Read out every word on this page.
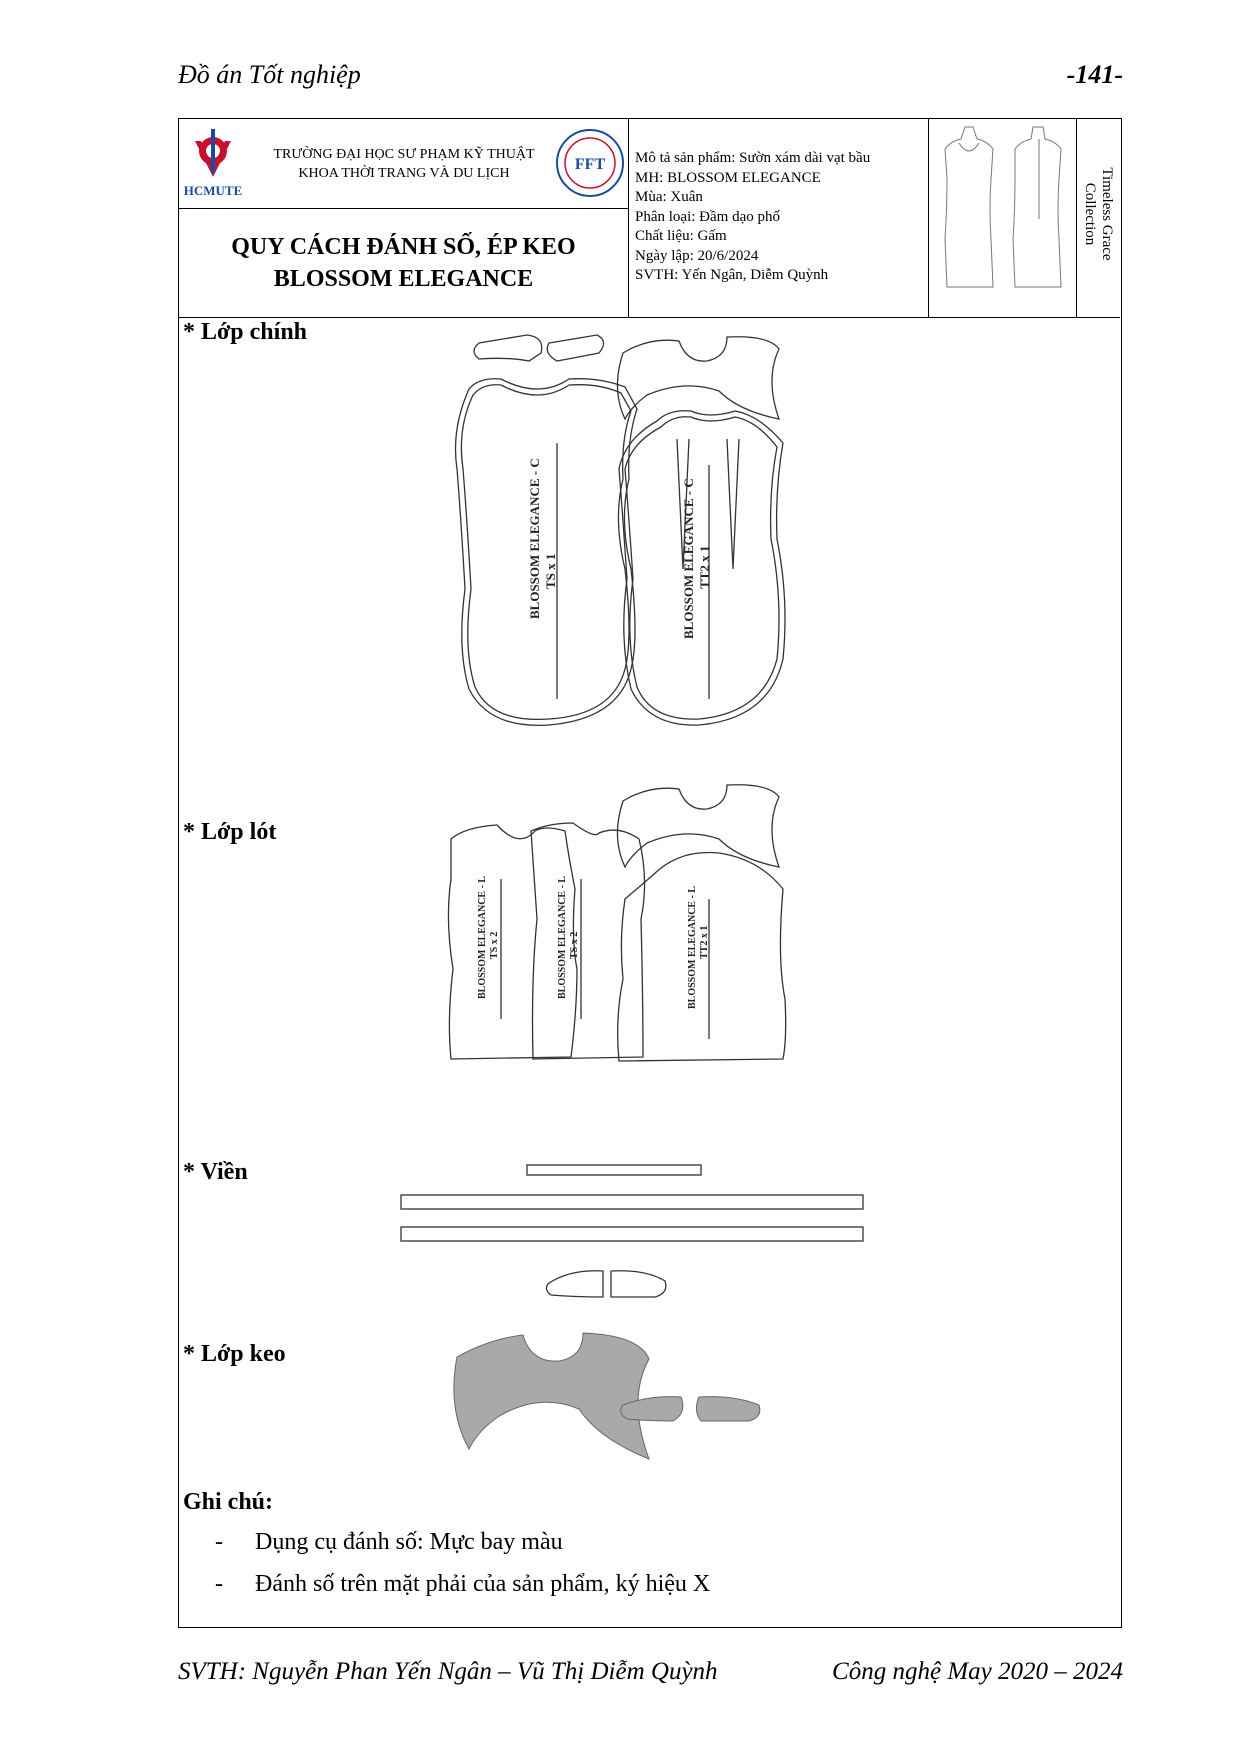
Đồ án Tốt nghiệp	-141-
HCMUTE
TRƯỜNG ĐẠI HỌC SƯ PHẠM KỸ THUẬT
KHOA THỜI TRANG VÀ DU LỊCH
FFT
QUY CÁCH ĐÁNH SỐ, ÉP KEO
BLOSSOM ELEGANCE
Mô tả sản phẩm: Sườn xám dài vạt bầu
MH: BLOSSOM ELEGANCE
Mùa: Xuân
Phân loại: Đầm dạo phố
Chất liệu: Gấm
Ngày lập: 20/6/2024
SVTH: Yến Ngân, Diễm Quỳnh
Timeless Grace
Collection
* Lớp chính
* Lớp lót
* Viền
* Lớp keo
BLOSSOM ELEGANCE - C TS x 1	BLOSSOM ELEGANCE - C TT2 x 1
BLOSSOM ELEGANCE - L TS x 2	BLOSSOM ELEGANCE - L TS x 2	BLOSSOM ELEGANCE - L TT2 x 1
Ghi chú:
- Dụng cụ đánh số: Mực bay màu
- Đánh số trên mặt phải của sản phẩm, ký hiệu X
SVTH: Nguyễn Phan Yến Ngân – Vũ Thị Diễm Quỳnh	Công nghệ May 2020 – 2024
